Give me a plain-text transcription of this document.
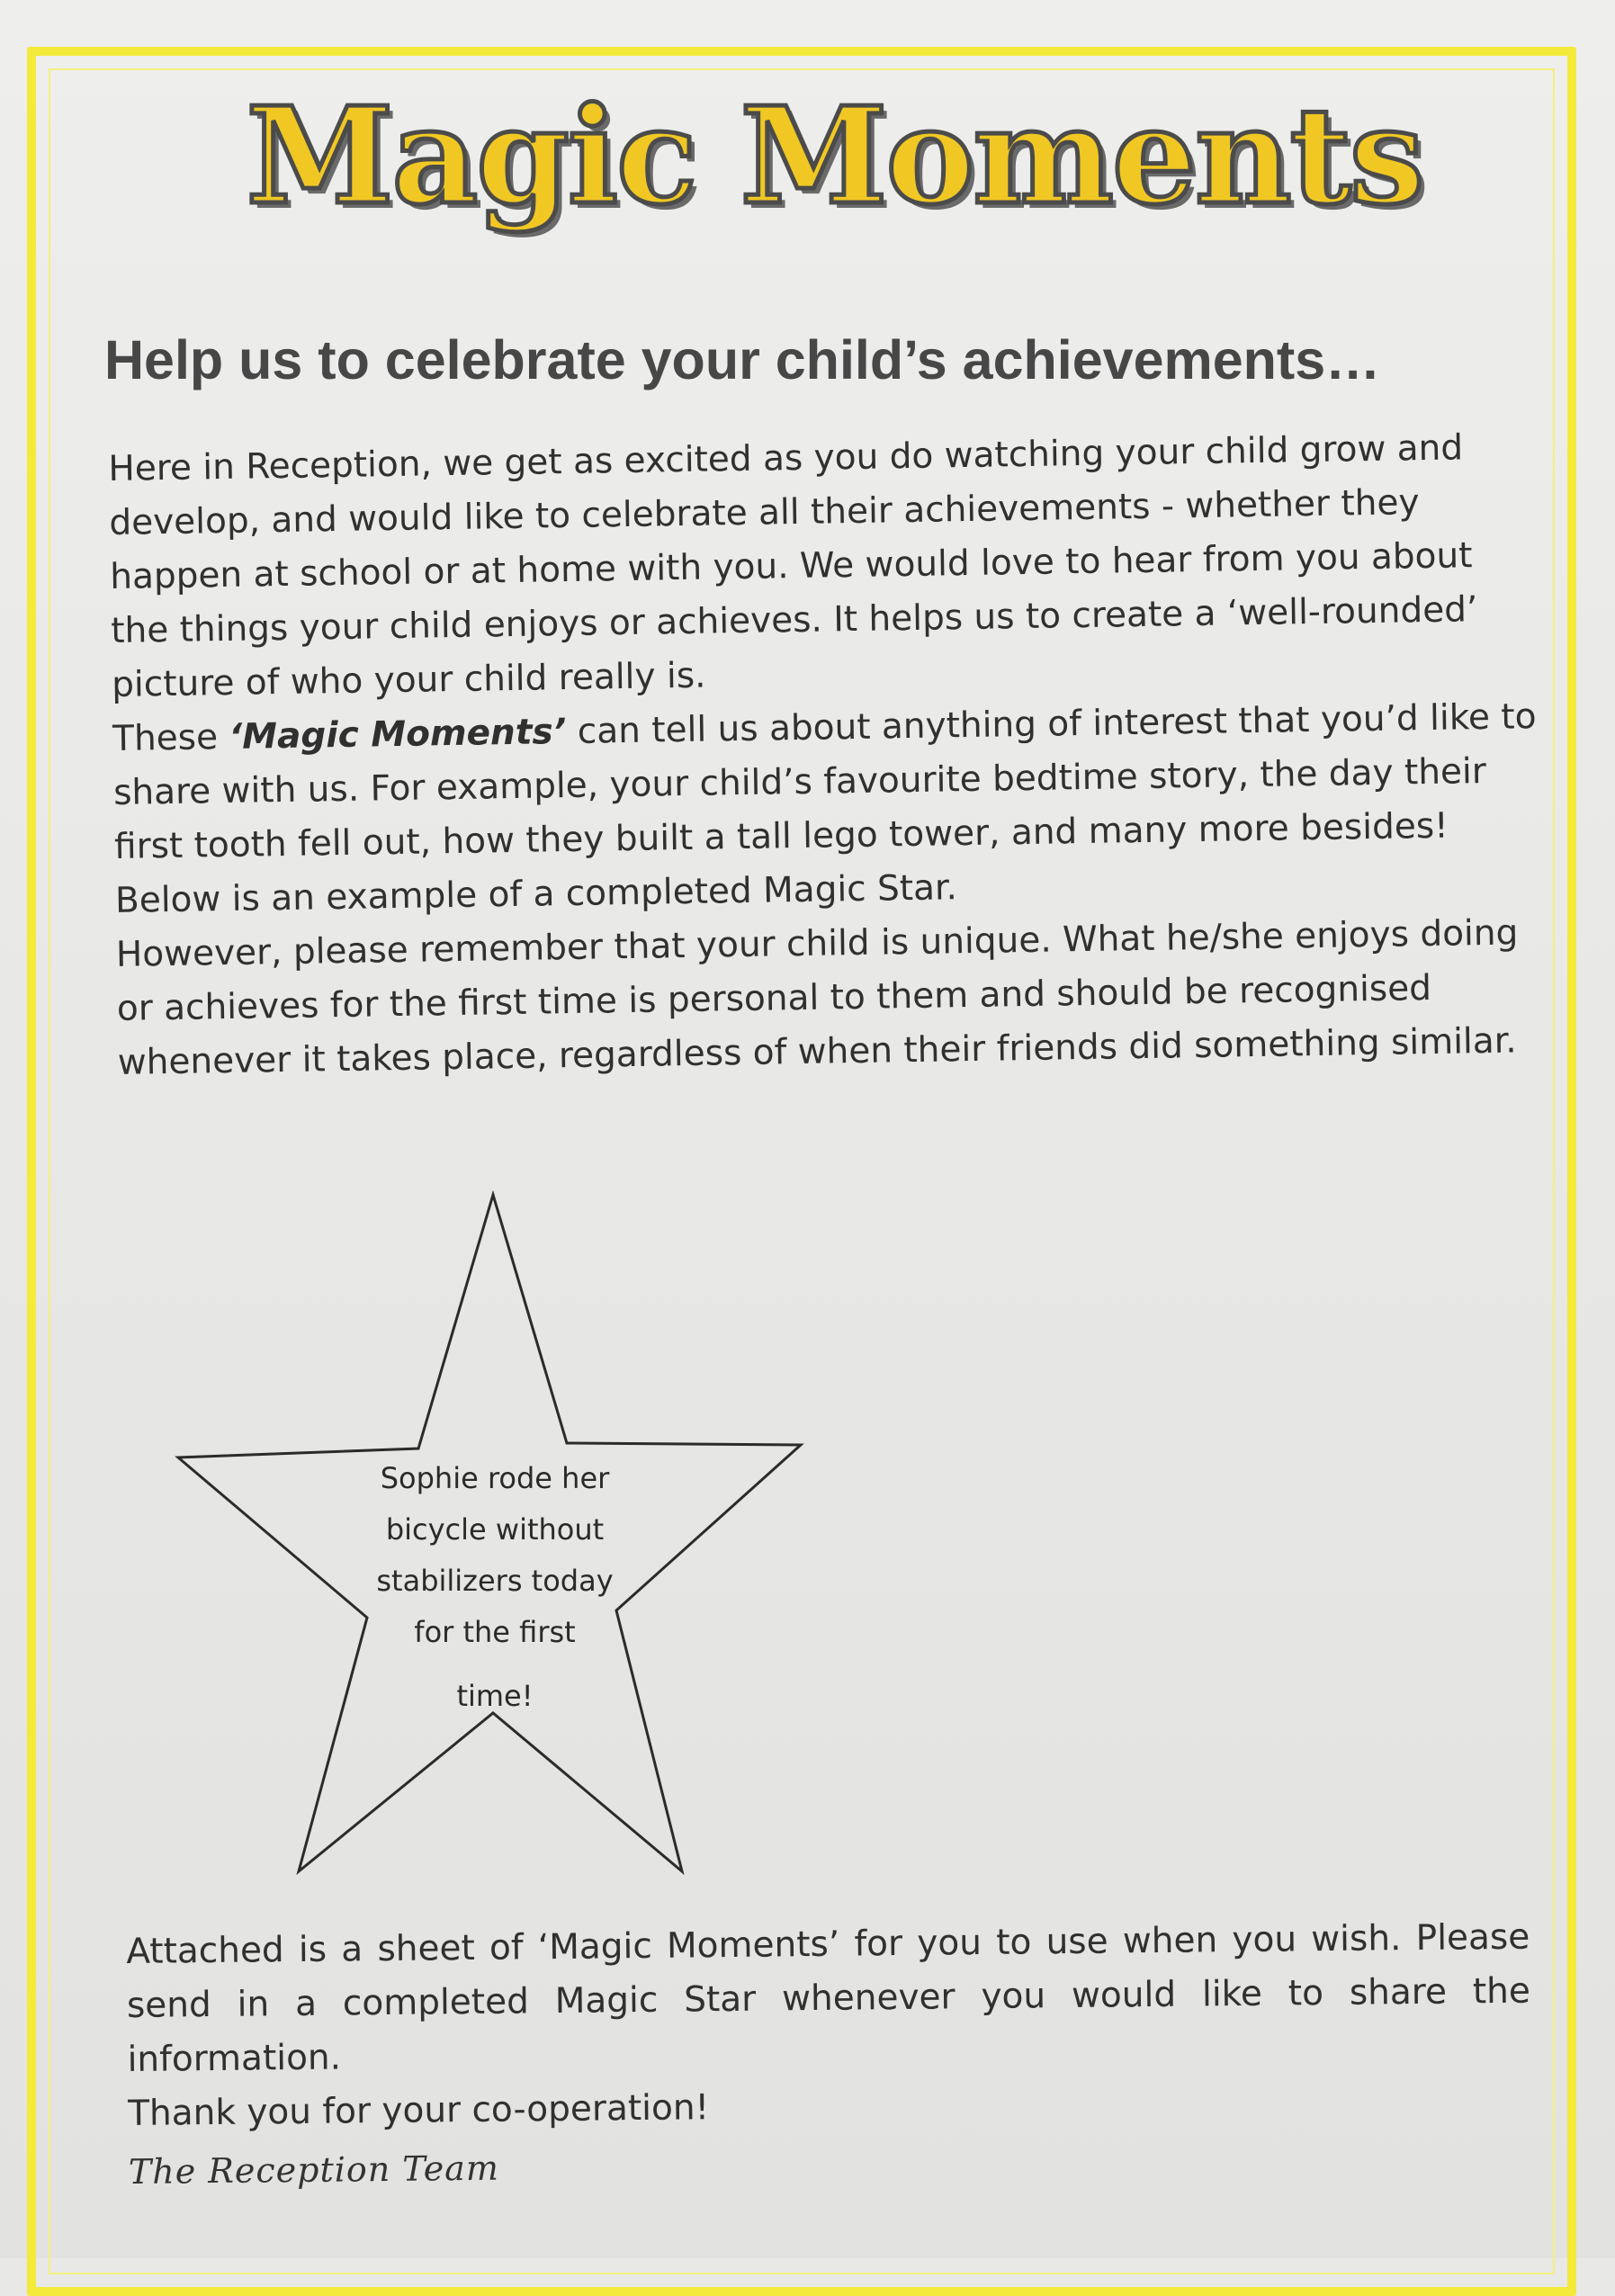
Magic Moments
Help us to celebrate your child’s achievements…

Here in Reception, we get as excited as you do watching your child grow and

develop, and would like to celebrate all their achievements - whether they

happen at school or at home with you. We would love to hear from you about

the things your child enjoys or achieves. It helps us to create a ‘well-rounded’

picture of who your child really is.

These ‘Magic Moments’ can tell us about anything of interest that you’d like to

share with us. For example, your child’s favourite bedtime story, the day their

first tooth fell out, how they built a tall lego tower, and many more besides!

Below is an example of a completed Magic Star.

However, please remember that your child is unique. What he/she enjoys doing

or achieves for the first time is personal to them and should be recognised

whenever it takes place, regardless of when their friends did something similar.

Sophie rode her
bicycle without
stabilizers today
for the first
time!

Attached is a sheet of ‘Magic Moments’ for you to use when you wish. Please send in a completed Magic Star whenever you would like to share the information.

Thank you for your co-operation!

The Reception Team
